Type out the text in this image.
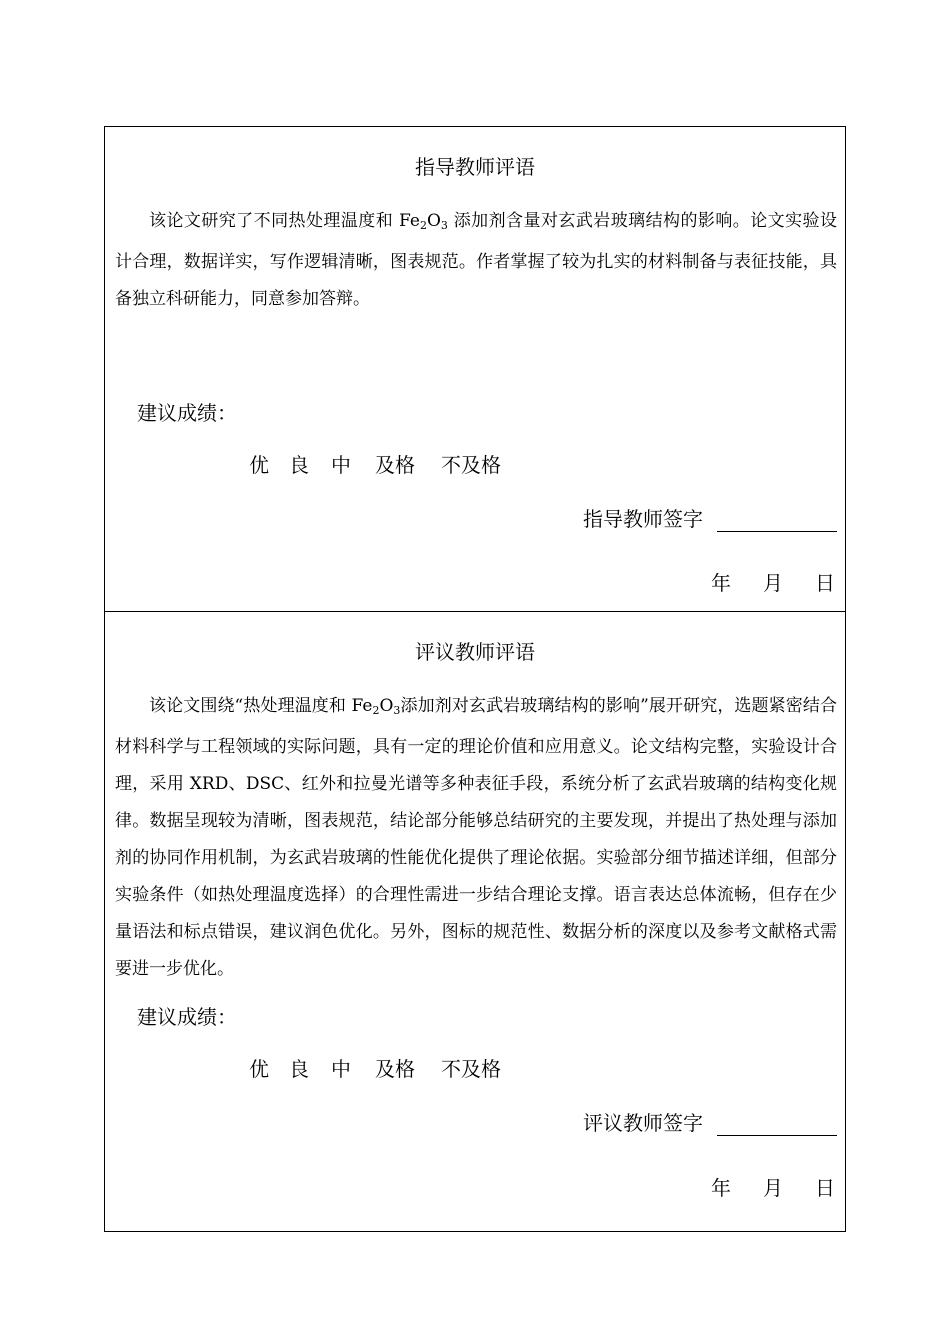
指导教师评语

该论文研究了不同热处理温度和 $Fe_2O_3$ 添加剂含量对玄武岩玻璃结构的影响。论文实验设计合理，数据详实，写作逻辑清晰，图表规范。作者掌握了较为扎实的材料制备与表征技能，具备独立科研能力，同意参加答辩。

建议成绩：
优 良 中 及格 不及格
指导教师签字
年 月 日
评议教师评语

该论文围绕“热处理温度和 $Fe_2O_3$添加剂对玄武岩玻璃结构的影响”展开研究，选题紧密结合材料科学与工程领域的实际问题，具有一定的理论价值和应用意义。论文结构完整，实验设计合理，采用 XRD、DSC、红外和拉曼光谱等多种表征手段，系统分析了玄武岩玻璃的结构变化规律。数据呈现较为清晰，图表规范，结论部分能够总结研究的主要发现，并提出了热处理与添加剂的协同作用机制，为玄武岩玻璃的性能优化提供了理论依据。实验部分细节描述详细，但部分实验条件（如热处理温度选择）的合理性需进一步结合理论支撑。语言表达总体流畅，但存在少量语法和标点错误，建议润色优化。另外，图标的规范性、数据分析的深度以及参考文献格式需要进一步优化。

建议成绩：
优 良 中 及格 不及格
评议教师签字
年 月 日
